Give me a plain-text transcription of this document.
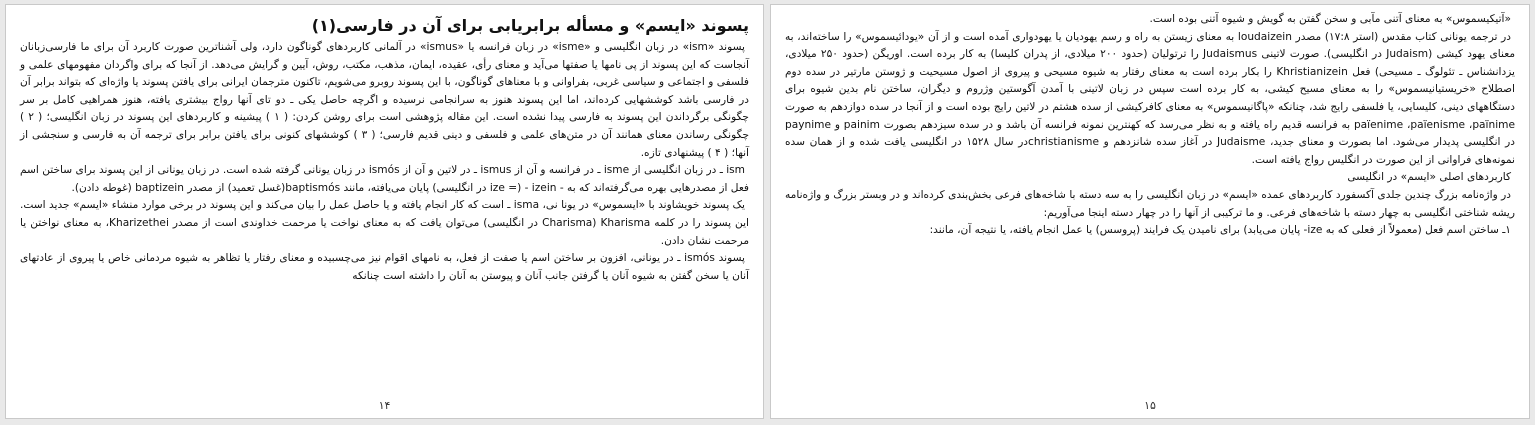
پسوند «ایسم» و مسأله برابریابی برای آن در فارسی(۱)

پسوند «ism» در زبان انگلیسی و «isme» در زبان فرانسه یا «ismus» در آلمانی کاربردهای گوناگون دارد، ولی آشناترین صورت کاربرد آن برای ما فارسی‌زبانان آنجاست که این پسوند از پی نامها یا صفتها می‌آید و معنای رأی، عقیده، ایمان، مذهب، مکتب، روش، آیین و گرایش می‌دهد. از آنجا که برای واگردان مفهومهای علمی و فلسفی و اجتماعی و سیاسی غربی، بفراوانی و با معناهای گوناگون، با این پسوند روبرو می‌شویم، تاکنون مترجمان ایرانی برای یافتن پسوند یا واژه‌ای که بتواند برابر آن در فارسی باشد کوششهایی کرده‌اند، اما این پسوند هنوز به سرانجامی نرسیده و اگرچه حاصل یکی ـ دو تای آنها رواج بیشتری یافته، هنوز همراهیی کامل بر سر چگونگی برگرداندن این پسوند به فارسی پیدا نشده است. این مقاله پژوهشی است برای روشن کردن: ( ۱ ) پیشینه و کاربردهای این پسوند در زبان انگلیسی؛ ( ۲ ) چگونگی رساندن معنای همانند آن در متن‌های علمی و فلسفی و دینی قدیم فارسی؛ ( ۳ ) کوششهای کنونی برای یافتن برابر برای ترجمه آن به فارسی و سنجشی از آنها؛ ( ۴ ) پیشنهادی تازه.

ism ـ در زبان انگلیسی از isme ـ در فرانسه و آن از ismus ـ در لاتین و آن از ismós در زبان یونانی گرفته شده است. در زبان یونانی از این پسوند برای ساختن اسم فعل از مصدرهایی بهره می‌گرفته‌اند که به ‐ izein ‐ (= ize در انگلیسی) پایان می‌یافته، مانند baptismós(غسل تعمید) از مصدر baptizein (غوطه دادن).

یک پسوند خویشاوند با «ایسموس» در یونا نی، isma ـ است که کار انجام یافته و یا حاصل عمل را بیان می‌کند و این پسوند در برخی موارد منشاء «ایسم» جدید است. این پسوند را در کلمه Kharisma (Charisma در انگلیسی) می‌توان یافت که به معنای نواخت یا مرحمت خداوندی است از مصدر Kharizethei، به معنای نواختن یا مرحمت نشان دادن.

پسوند ismós ـ در یونانی، افزون بر ساختن اسم یا صفت از فعل، به نامهای اقوام نیز می‌چسبیده و معنای رفتار یا تظاهر به شیوه مردمانی خاص یا پیروی از عادتهای آنان یا سخن گفتن به شیوه آنان یا گرفتن جانب آنان و پیوستن به آنان را داشته است چنانکه

۱۴

«آتیکیسموس» به معنای آتنی مآبی و سخن گفتن به گویش و شیوه آتنی بوده است.

در ترجمه یونانی کتاب مقدس (استر ۱۷:۸) مصدر loudaizein به معنای زیستن به راه و رسم یهودیان یا یهودواری آمده است و از آن «یودائیسموس» را ساخته‌اند، به معنای یهود کیشی (Judaism در انگلیسی). صورت لاتینی Judaismus را ترتولیان (حدود ۲۰۰ میلادی، از پدران کلیسا) به کار برده است. اوریگن (حدود ۲۵۰ میلادی، یزدانشناس ـ تئولوگ ـ مسیحی) فعل Khristianizein را بکار برده است به معنای رفتار به شیوه مسیحی و پیروی از اصول مسیحیت و ژوستن مارتیر در سده دوم اصطلاح «خریستیانیسموس» را به معنای مسیح کیشی، به کار برده است سپس در زبان لاتینی با آمدن آگوستین وژروم و دیگران، ساختن نام بدین شیوه برای دستگاههای دینی، کلیسایی، یا فلسفی رایج شد، چنانکه «پاگانیسموس» به معنای کافرکیشی از سده هشتم در لاتین رایج بوده است و از آنجا در سده دوازدهم به صورت païenime ،païenisme ،païnime به فرانسه قدیم راه یافته و به نظر می‌رسد که کهنترین نمونه فرانسه آن باشد و در سده سیزدهم بصورت painim و paynime در انگلیسی پدیدار می‌شود. اما بصورت و معنای جدید، Judaisme در آغاز سده شانزدهم و christianismeدر سال ۱۵۲۸ در انگلیسی یافت شده و از همان سده نمونه‌های فراوانی از این صورت در انگلیس رواج یافته است.

کاربردهای اصلی «ایسم» در انگلیسی

در واژه‌نامه بزرگ چندین جلدی آکسفورد کاربردهای عمده «ایسم» در زبان انگلیسی را به سه دسته با شاخه‌های فرعی بخش‌بندی کرده‌اند و در وبستر بزرگ و واژه‌نامه ریشه شناختی انگلیسی به چهار دسته با شاخه‌های فرعی. و ما ترکیبی از آنها را در چهار دسته اینجا می‌آوریم:

۱ـ ساختن اسم فعل (معمولاً از فعلی که به ize‐ پایان می‌یابد) برای نامیدن یک فرایند (پروسس) یا عمل انجام یافته، یا نتیجه آن، مانند:

۱۵
